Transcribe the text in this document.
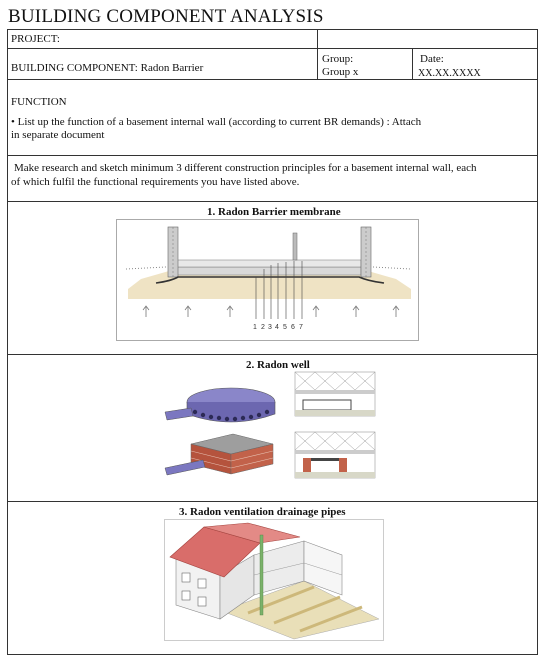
BUILDING COMPONENT ANALYSIS
PROJECT:
BUILDING COMPONENT: Radon Barrier
Group:
Group x
Date:
XX.XX.XXXX
FUNCTION
• List up the function of a basement internal wall (according to current BR demands) : Attach
in separate document
Make research and sketch minimum 3 different construction principles for a basement internal wall, each
of which fulfil the functional requirements you have listed above.
1. Radon Barrier membrane
1 2 3 4 5 6 7
2. Radon well
3. Radon ventilation drainage pipes
